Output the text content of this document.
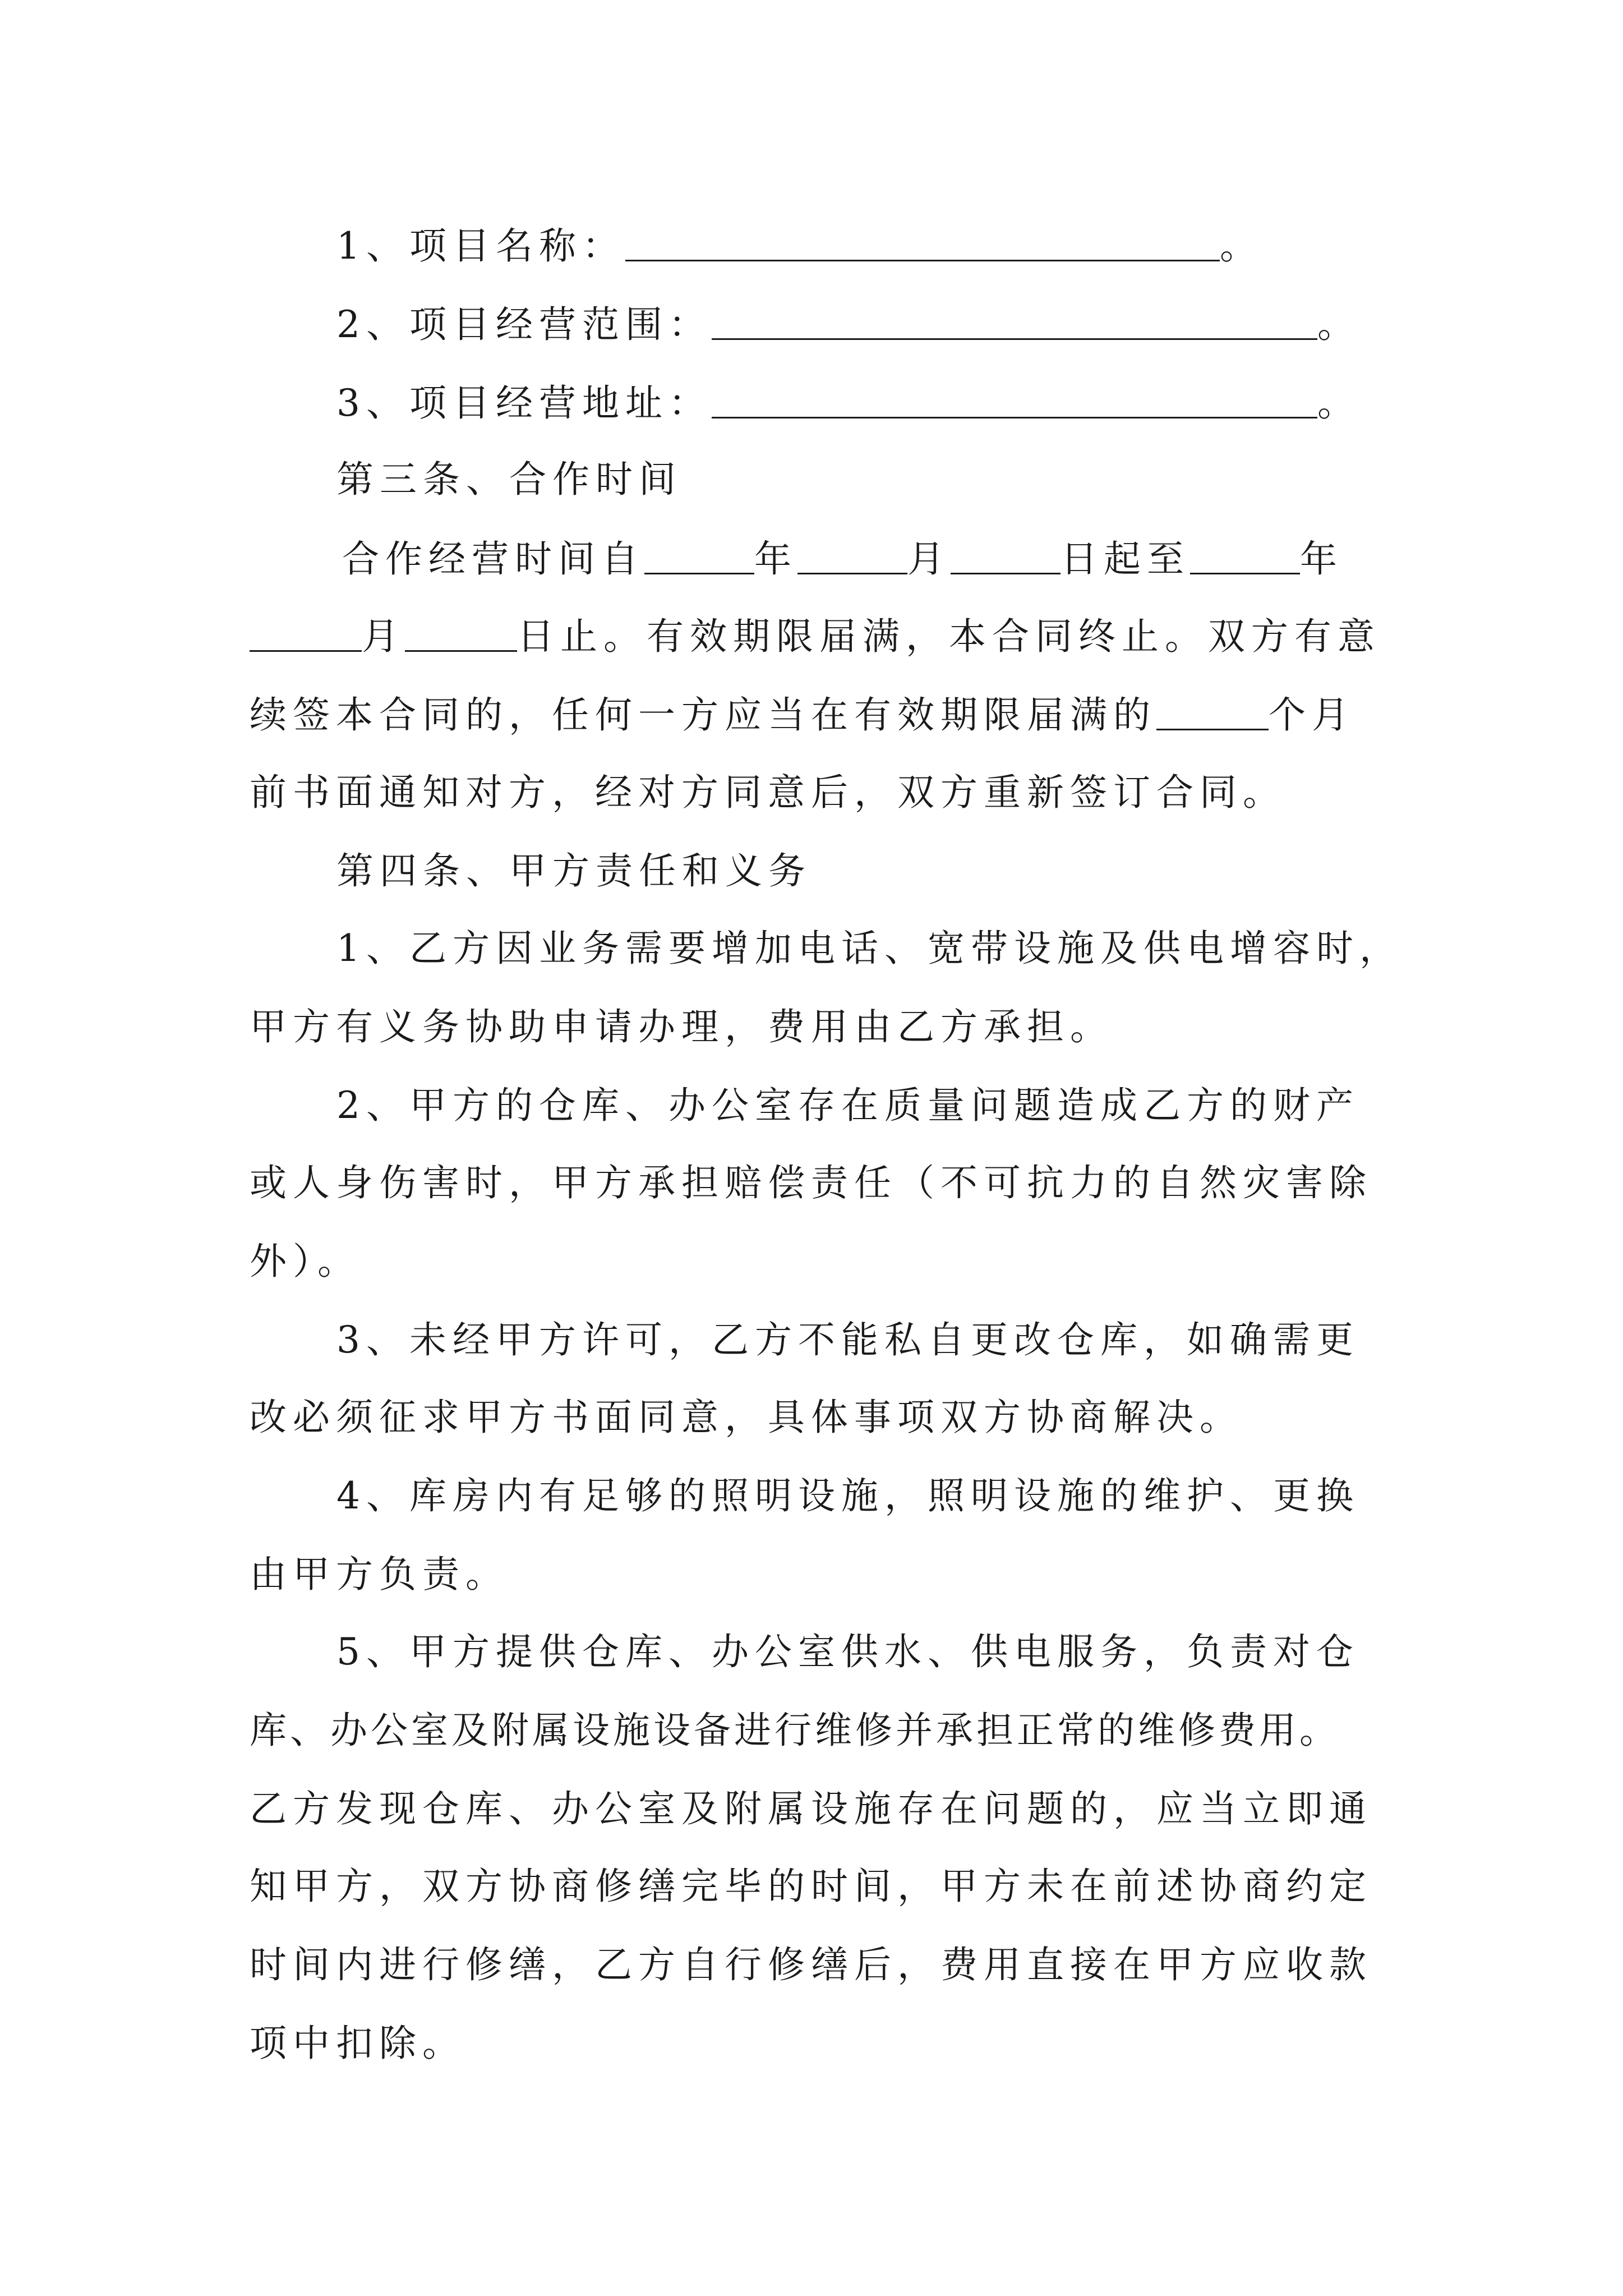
1、项目名称：	。
2、项目经营范围：	。
3、项目经营地址：	。
第三条、合作时间
合作经营时间自	年	月	日起至	年
月	日止。有效期限届满，本合同终止。双方有意
续签本合同的，任何一方应当在有效期限届满的	个月
前书面通知对方，经对方同意后，双方重新签订合同。
第四条、甲方责任和义务
1、乙方因业务需要增加电话、宽带设施及供电增容时，
甲方有义务协助申请办理，费用由乙方承担。
2、甲方的仓库、办公室存在质量问题造成乙方的财产
或人身伤害时，甲方承担赔偿责任（不可抗力的自然灾害除
外）。
3、未经甲方许可，乙方不能私自更改仓库，如确需更
改必须征求甲方书面同意，具体事项双方协商解决。
4、库房内有足够的照明设施，照明设施的维护、更换
由甲方负责。
5、甲方提供仓库、办公室供水、供电服务，负责对仓
库、办公室及附属设施设备进行维修并承担正常的维修费用。
乙方发现仓库、办公室及附属设施存在问题的，应当立即通
知甲方，双方协商修缮完毕的时间，甲方未在前述协商约定
时间内进行修缮，乙方自行修缮后，费用直接在甲方应收款
项中扣除。
